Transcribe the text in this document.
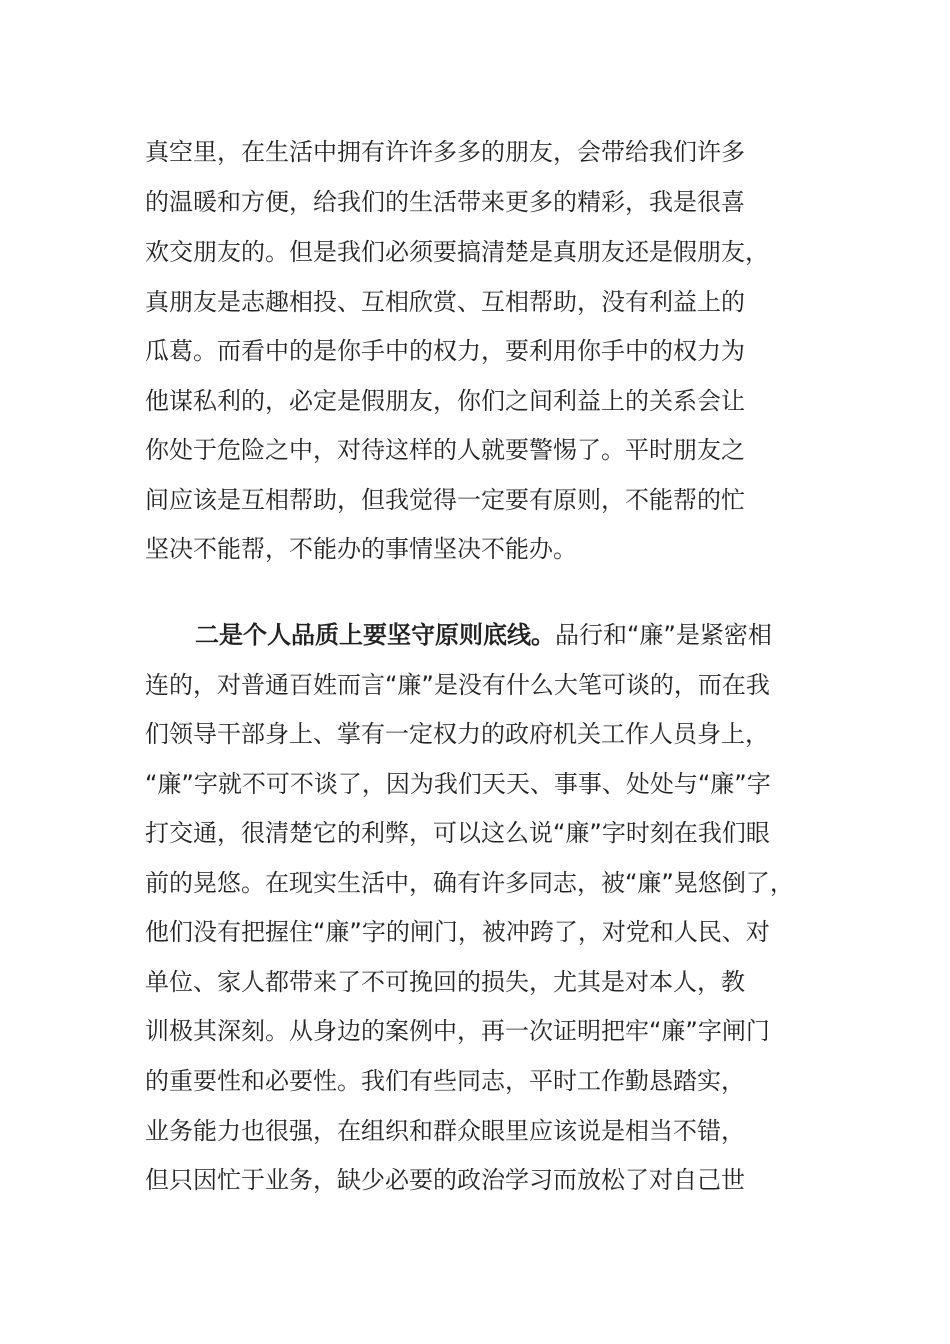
真空里，在生活中拥有许许多多的朋友，会带给我们许多
的温暖和方便，给我们的生活带来更多的精彩，我是很喜
欢交朋友的。但是我们必须要搞清楚是真朋友还是假朋友，
真朋友是志趣相投、互相欣赏、互相帮助，没有利益上的
瓜葛。而看中的是你手中的权力，要利用你手中的权力为
他谋私利的，必定是假朋友，你们之间利益上的关系会让
你处于危险之中，对待这样的人就要警惕了。平时朋友之
间应该是互相帮助，但我觉得一定要有原则，不能帮的忙
坚决不能帮，不能办的事情坚决不能办。
二是个人品质上要坚守原则底线。品行和“廉”是紧密相
连的，对普通百姓而言“廉”是没有什么大笔可谈的，而在我
们领导干部身上、掌有一定权力的政府机关工作人员身上，
“廉”字就不可不谈了，因为我们天天、事事、处处与“廉”字
打交通，很清楚它的利弊，可以这么说“廉”字时刻在我们眼
前的晃悠。在现实生活中，确有许多同志，被“廉”晃悠倒了，
他们没有把握住“廉”字的闸门，被冲跨了，对党和人民、对
单位、家人都带来了不可挽回的损失，尤其是对本人，教
训极其深刻。从身边的案例中，再一次证明把牢“廉”字闸门
的重要性和必要性。我们有些同志，平时工作勤恳踏实，
业务能力也很强，在组织和群众眼里应该说是相当不错，
但只因忙于业务，缺少必要的政治学习而放松了对自己世
